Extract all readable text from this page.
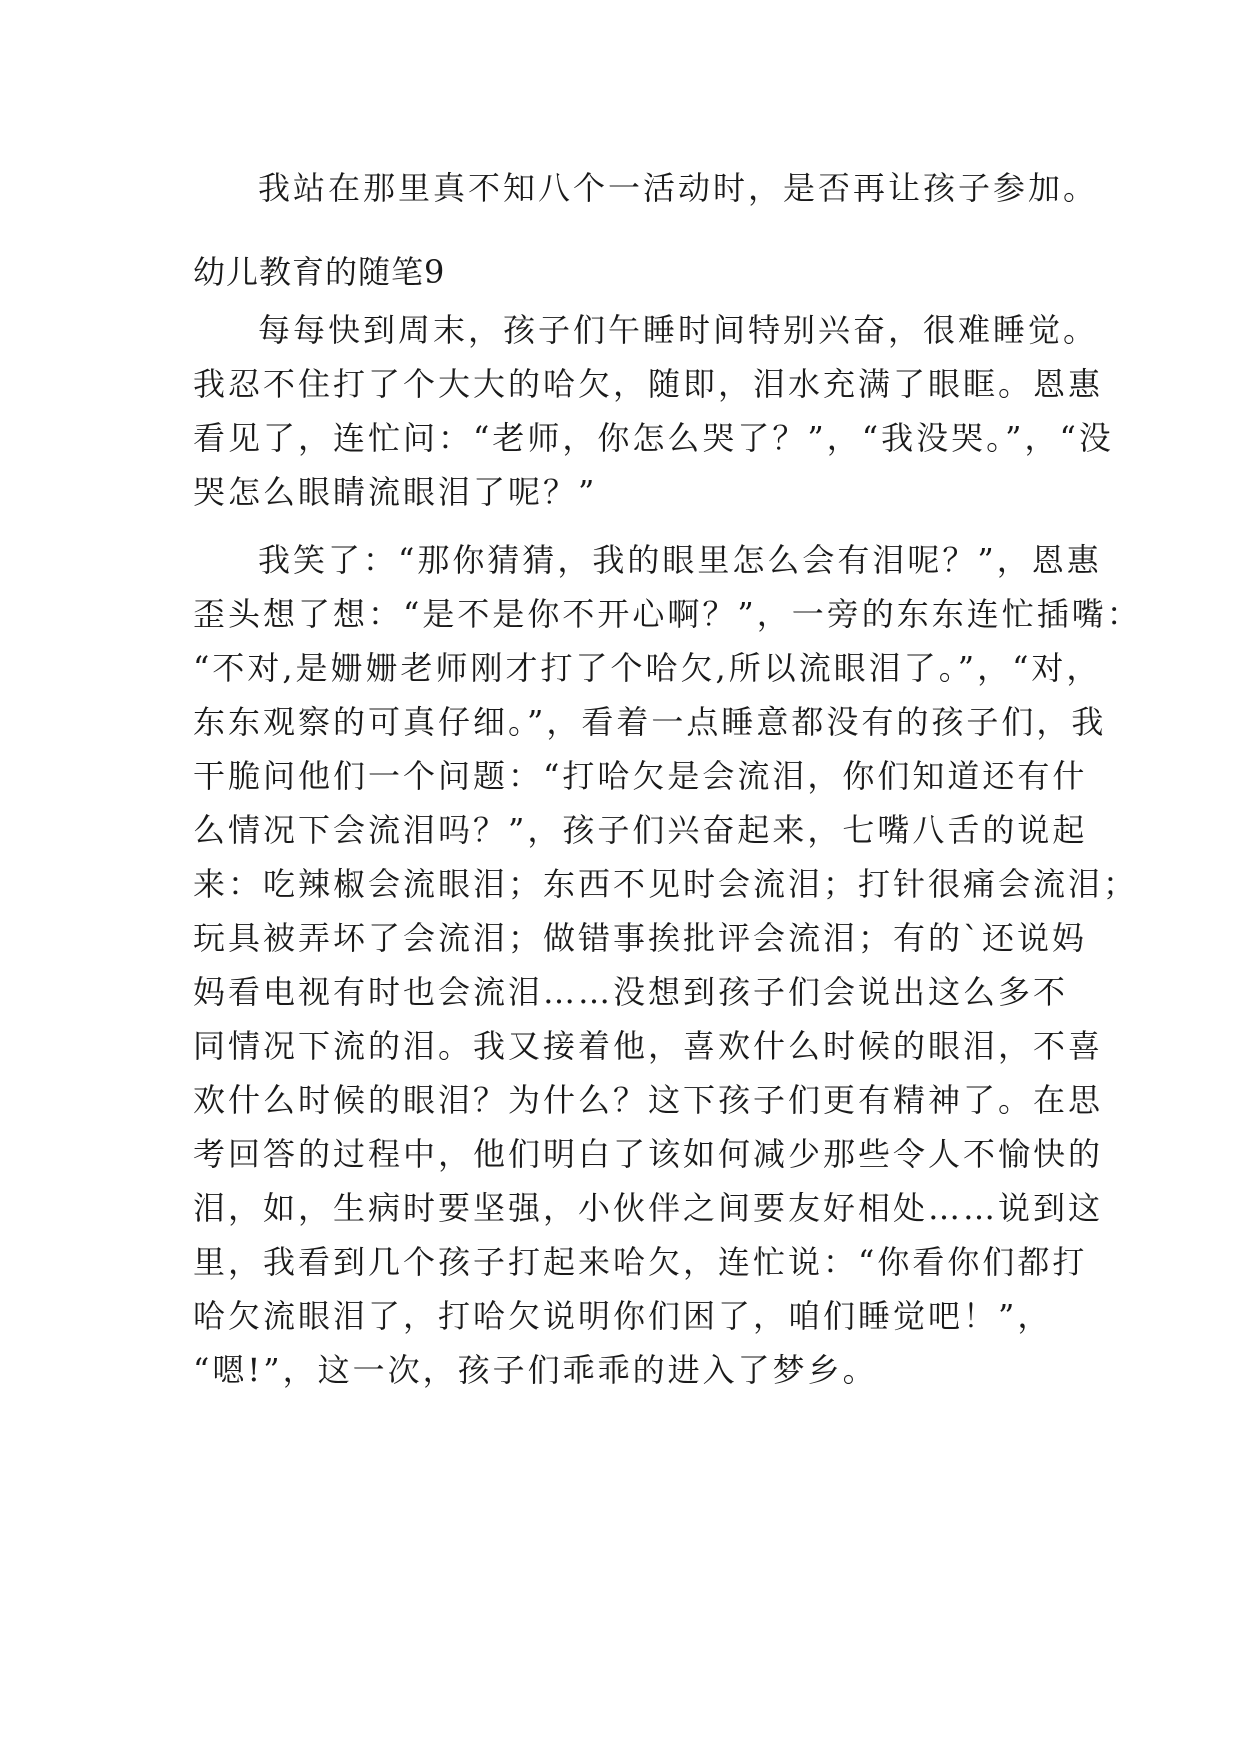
我站在那里真不知八个一活动时，是否再让孩子参加。
幼儿教育的随笔9
每每快到周末，孩子们午睡时间特别兴奋，很难睡觉。
我忍不住打了个大大的哈欠，随即，泪水充满了眼眶。恩惠
看见了，连忙问：“老师，你怎么哭了？”，“我没哭。”，“没
哭怎么眼睛流眼泪了呢？”
我笑了：“那你猜猜，我的眼里怎么会有泪呢？”，恩惠
歪头想了想：“是不是你不开心啊？”，一旁的东东连忙插嘴：
“不对,是姗姗老师刚才打了个哈欠,所以流眼泪了。”，“对，
东东观察的可真仔细。”，看着一点睡意都没有的孩子们，我
干脆问他们一个问题：“打哈欠是会流泪，你们知道还有什
么情况下会流泪吗？”，孩子们兴奋起来，七嘴八舌的说起
来：吃辣椒会流眼泪；东西不见时会流泪；打针很痛会流泪；
玩具被弄坏了会流泪；做错事挨批评会流泪；有的`还说妈
妈看电视有时也会流泪……没想到孩子们会说出这么多不
同情况下流的泪。我又接着他，喜欢什么时候的眼泪，不喜
欢什么时候的眼泪？为什么？这下孩子们更有精神了。在思
考回答的过程中，他们明白了该如何减少那些令人不愉快的
泪，如，生病时要坚强，小伙伴之间要友好相处……说到这
里，我看到几个孩子打起来哈欠，连忙说：“你看你们都打
哈欠流眼泪了，打哈欠说明你们困了，咱们睡觉吧！”，
“嗯!”，这一次，孩子们乖乖的进入了梦乡。
